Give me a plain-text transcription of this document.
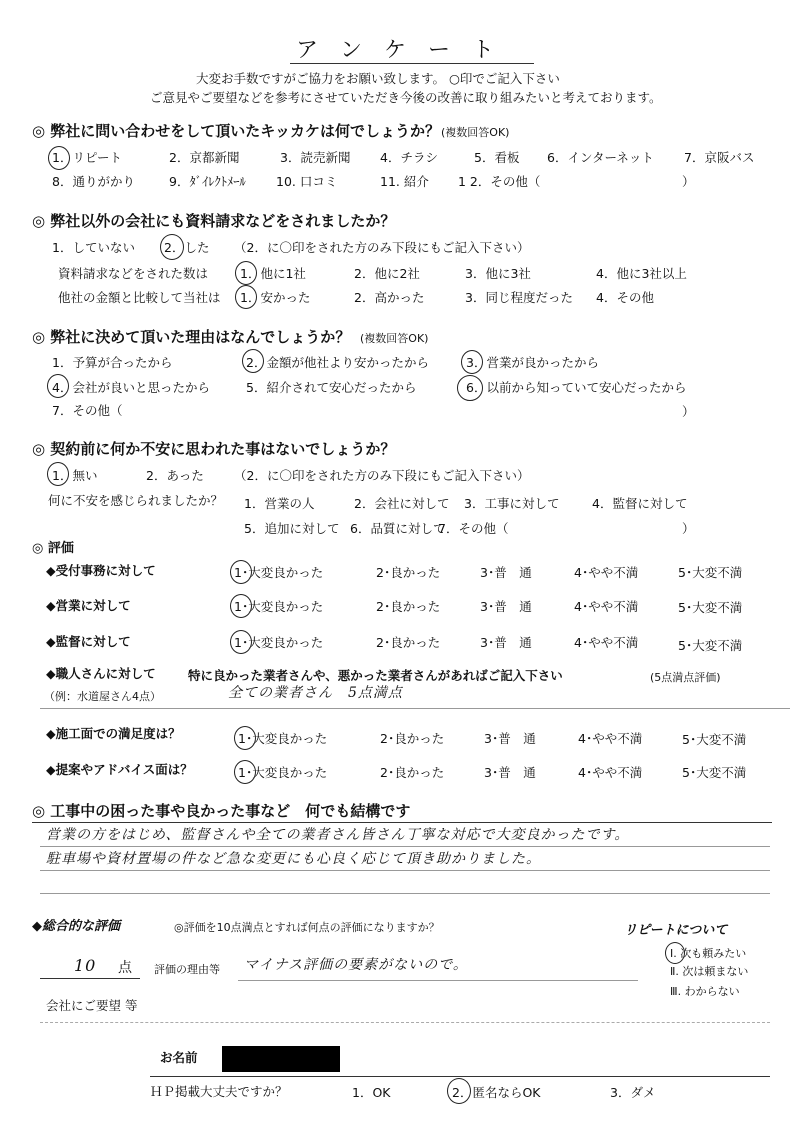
ア　ン　ケ　ー　ト
大変お手数ですがご協力をお願い致します。 ○印でご記入下さい
ご意見やご要望などを参考にさせていただき今後の改善に取り組みたいと考えております。
◎ 弊社に問い合わせをして頂いたキッカケは何でしょうか？ (複数回答OK)
1．リピート	2．京都新聞	3．読売新聞 4．チラシ	5．看板 6．インターネット 7．京阪バス
8．通りがかり	9．ﾀﾞｲﾚｸﾄﾒｰﾙ 10. 口コミ	11. 紹介 1 2．その他（	）
◎ 弊社以外の会社にも資料請求などをされましたか？
1．していない 2．した （2．に〇印をされた方のみ下段にもご記入下さい）
資料請求などをされた数は	1．他に1社	2．他に2社	3．他に3社	4．他に3社以上
他社の金額と比較して当社は 1．安かった	2．高かった	3．同じ程度だった 4．その他
◎ 弊社に決めて頂いた理由はなんでしょうか？ (複数回答OK)
1．予算が合ったから	2．金額が他社より安かったから	3．営業が良かったから
4．会社が良いと思ったから	5．紹介されて安心だったから	6．以前から知っていて安心だったから
7．その他（	）
◎ 契約前に何か不安に思われた事はないでしょうか？
1．無い	2．あった （2．に〇印をされた方のみ下段にもご記入下さい）
何に不安を感じられましたか？ 1．営業の人	2．会社に対して 3．工事に対して	4．監督に対して
5．追加に対して 6．品質に対して
7．その他（	）
◎ 評価
◆受付事務に対して	1･大変良かった	2･良かった	3･普　通	4･やや不満	5･大変不満
◆営業に対して	1･大変良かった	2･良かった	3･普　通	4･やや不満	5･大変不満
◆監督に対して	1･大変良かった	2･良かった	3･普　通	4･やや不満	5･大変不満
◆職人さんに対して	特に良かった業者さんや、悪かった業者さんがあればご記入下さい	(5点満点評価)
（例：水道屋さん4点）	全ての業者さん　5点満点
◆施工面での満足度は？	1･大変良かった	2･良かった	3･普　通	4･やや不満	5･大変不満
◆提案やアドバイス面は？	1･大変良かった	2･良かった	3･普　通	4･やや不満	5･大変不満
◎ 工事中の困った事や良かった事など　何でも結構です
営業の方をはじめ、監督さんや全ての業者さん皆さん丁寧な対応で大変良かったです。
駐車場や資材置場の件など急な変更にも心良く応じて頂き助かりました。
◆総合的な評価	◎評価を10点満点とすれば何点の評価になりますか？
10 点 評価の理由等 マイナス評価の要素がないので。
会社にご要望 等
リピートについて
Ⅰ. 次も頼みたい
Ⅱ. 次は頼まない
Ⅲ. わからない
お名前
ＨＰ掲載大丈夫ですか？	1．OK	2．匿名ならOK	3．ダメ
